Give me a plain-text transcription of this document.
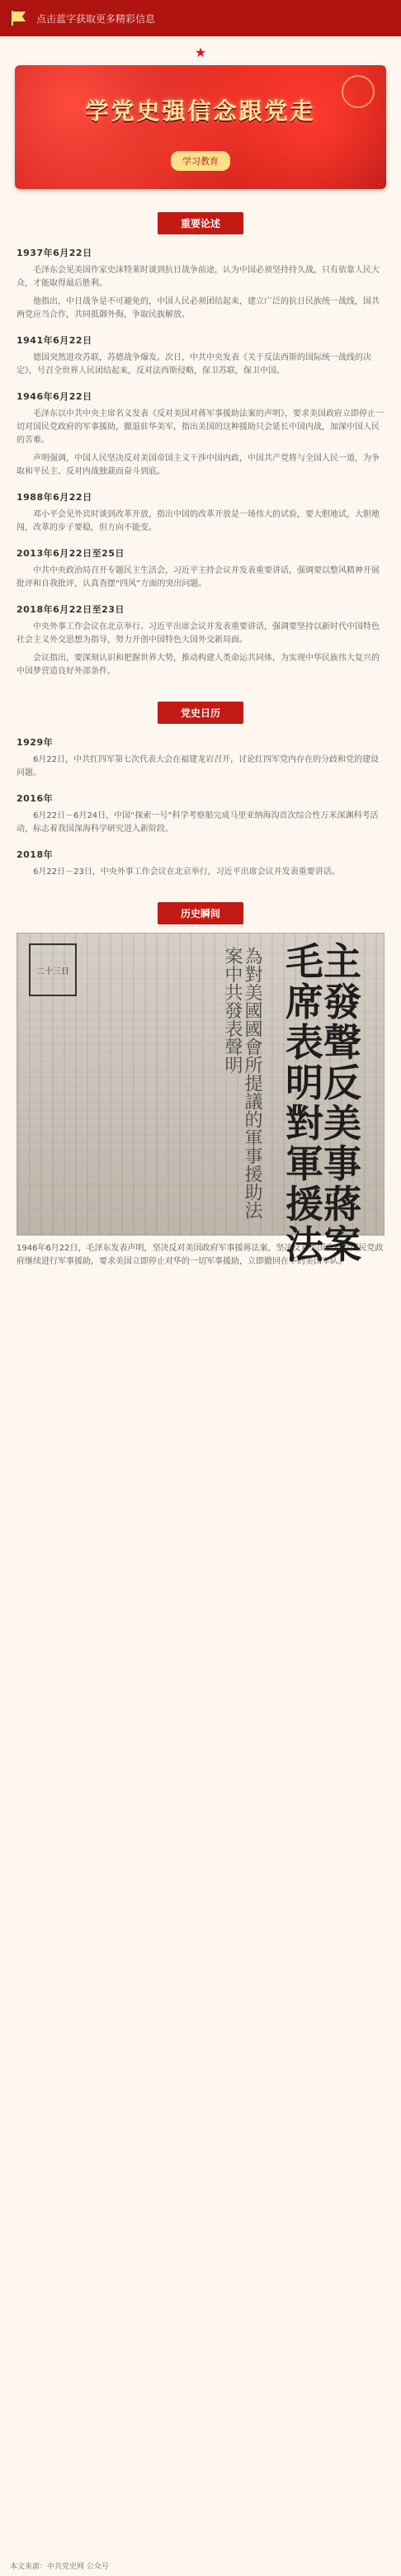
点击蓝字获取更多精彩信息
★
学党史强信念跟党走
学习教育
重要论述
1937年6月22日

毛泽东会见美国作家史沫特莱时谈到抗日战争前途，认为中国必须坚持持久战，只有依靠人民大众，才能取得最后胜利。

他指出，中日战争是不可避免的，中国人民必须团结起来，建立广泛的抗日民族统一战线，国共两党应当合作，共同抵御外侮，争取民族解放。

1941年6月22日

德国突然进攻苏联，苏德战争爆发。次日，中共中央发表《关于反法西斯的国际统一战线的决定》，号召全世界人民团结起来，反对法西斯侵略，保卫苏联，保卫中国。

1946年6月22日

毛泽东以中共中央主席名义发表《反对美国对蒋军事援助法案的声明》，要求美国政府立即停止一切对国民党政府的军事援助，撤退驻华美军，指出美国的这种援助只会延长中国内战，加深中国人民的苦难。

声明强调，中国人民坚决反对美国帝国主义干涉中国内政，中国共产党将与全国人民一道，为争取和平民主、反对内战独裁而奋斗到底。

1988年6月22日

邓小平会见外宾时谈到改革开放，指出中国的改革开放是一场伟大的试验，要大胆地试，大胆地闯，改革的步子要稳，但方向不能变。

2013年6月22日至25日

中共中央政治局召开专题民主生活会，习近平主持会议并发表重要讲话，强调要以整风精神开展批评和自我批评，认真查摆“四风”方面的突出问题。

2018年6月22日至23日

中央外事工作会议在北京举行。习近平出席会议并发表重要讲话，强调要坚持以新时代中国特色社会主义外交思想为指导，努力开创中国特色大国外交新局面。

会议指出，要深刻认识和把握世界大势，推动构建人类命运共同体，为实现中华民族伟大复兴的中国梦营造良好外部条件。

党史日历
1929年

6月22日，中共红四军第七次代表大会在福建龙岩召开，讨论红四军党内存在的分歧和党的建设问题。

2016年

6月22日－6月24日，中国“探索一号”科学考察船完成马里亚纳海沟首次综合性万米深渊科考活动，标志着我国深海科学研究进入新阶段。

2018年

6月22日－23日，中央外事工作会议在北京举行，习近平出席会议并发表重要讲话。

历史瞬间
二十三日	為對美國國會所提議的軍事援助法案中共發表聲明	毛主席發表聲明反對美軍事援蔣法案
1946年6月22日，毛泽东发表声明，坚决反对美国政府军事援蒋法案，坚决反对美国政府对国民党政府继续进行军事援助，要求美国立即停止对华的一切军事援助，立即撤回在华的美国军队。
本文来源：中共党史网 公众号
